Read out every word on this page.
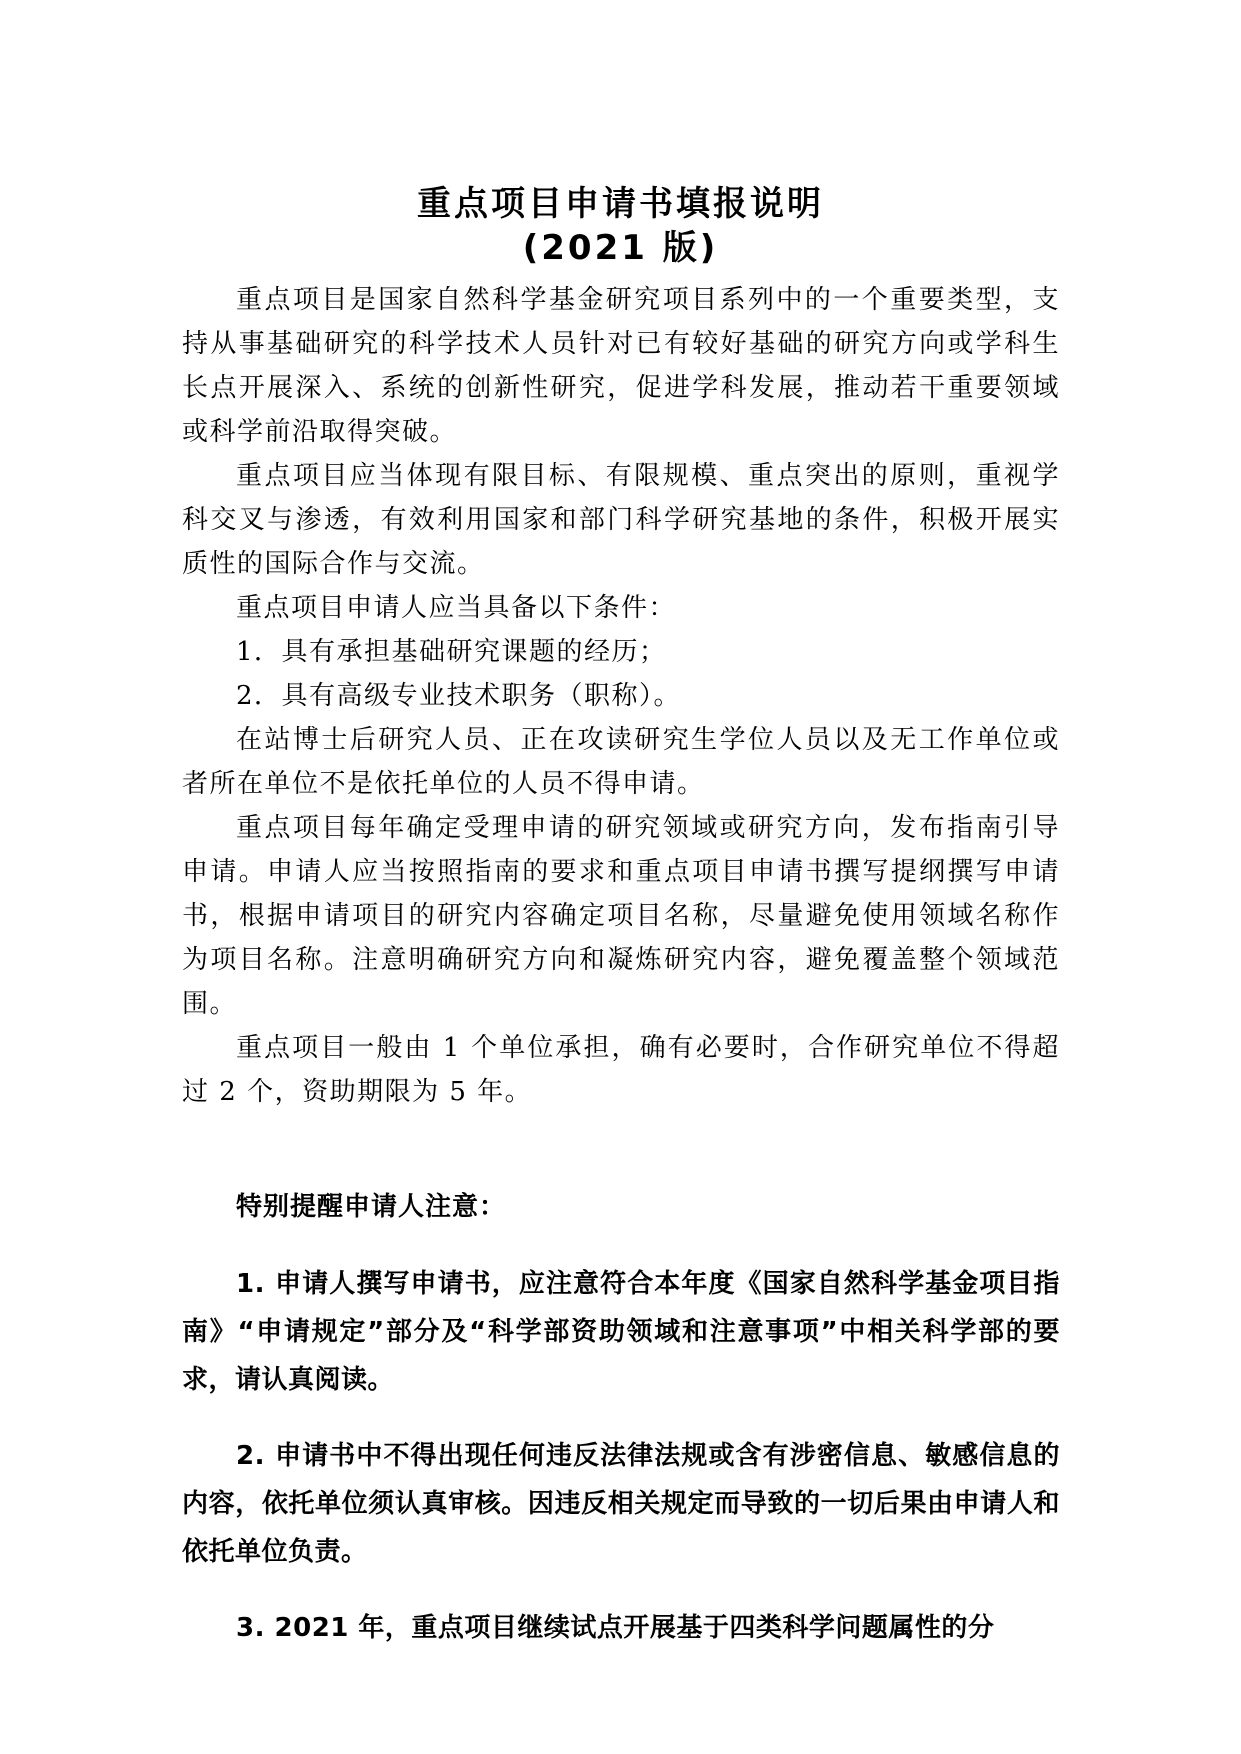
重点项目申请书填报说明
(2021 版)

重点项目是国家自然科学基金研究项目系列中的一个重要类型，支持从事基础研究的科学技术人员针对已有较好基础的研究方向或学科生长点开展深入、系统的创新性研究，促进学科发展，推动若干重要领域或科学前沿取得突破。

重点项目应当体现有限目标、有限规模、重点突出的原则，重视学科交叉与渗透，有效利用国家和部门科学研究基地的条件，积极开展实质性的国际合作与交流。

重点项目申请人应当具备以下条件：

1．具有承担基础研究课题的经历；

2．具有高级专业技术职务（职称）。

在站博士后研究人员、正在攻读研究生学位人员以及无工作单位或者所在单位不是依托单位的人员不得申请。

重点项目每年确定受理申请的研究领域或研究方向，发布指南引导申请。申请人应当按照指南的要求和重点项目申请书撰写提纲撰写申请书，根据申请项目的研究内容确定项目名称，尽量避免使用领域名称作为项目名称。注意明确研究方向和凝炼研究内容，避免覆盖整个领域范围。

重点项目一般由 1 个单位承担，确有必要时，合作研究单位不得超过 2 个，资助期限为 5 年。

特别提醒申请人注意：

1. 申请人撰写申请书，应注意符合本年度《国家自然科学基金项目指南》“申请规定”部分及“科学部资助领域和注意事项”中相关科学部的要求，请认真阅读。

2. 申请书中不得出现任何违反法律法规或含有涉密信息、敏感信息的内容，依托单位须认真审核。因违反相关规定而导致的一切后果由申请人和依托单位负责。

3. 2021 年，重点项目继续试点开展基于四类科学问题属性的分
